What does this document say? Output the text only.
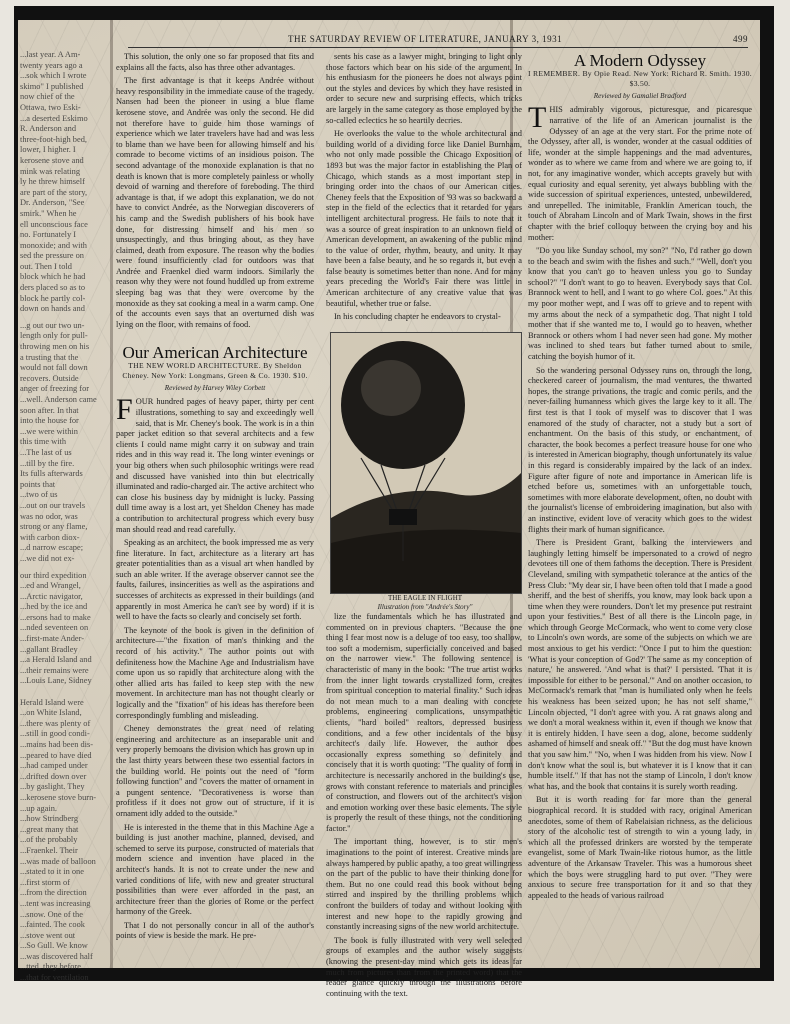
THE SATURDAY REVIEW OF LITERATURE, JANUARY 3, 1931	499
...last year. A Am-
twenty years ago a
...sok which I wrote
skimo" I published
now chief of the
Ottawa, two Eski-
...a deserted Eskimo
R. Anderson and
three-foot-high bed,
lower, I higher. I
kerosene stove and
mink was relating
ly he threw himself
are part of the story,
Dr. Anderson, "See
smirk." When he
ell unconscious face
no. Fortunately I
monoxide; and with
sed the pressure on
out. Then I told
block which he had
ders placed so as to
block he partly col-
down on hands and
...g out our two un-
length only for pull-
throwing men on his
a trusting that the
would not fall down
recovers. Outside
anger of freezing for
...well. Anderson came
soon after. In that
into the house for
...we were within
this time with
...The last of us
...till by the fire.
Its fulls afterwards
points that
...two of us
...out on our travels
was no odor, was
strong or any flame,
with carbon diox-
...d narrow escape;
...we did not ex-
our third expedition
...ed and Wrangel,
...Arctic navigator,
...hed by the ice and
...ersons had to make
...nded seventeen on
...first-mate Ander-
...gallant Bradley
...a Herald Island and
...their remains were
...Louis Lane, Sidney

Herald Island were
...on White Island,
...there was plenty of
...still in good condi-
...mains had been dis-
...peared to have died
...had camped under
...drifted down over
...by gaslight. They
...kerosene stove burn-
...up again.
...how Strindberg
...great many that
...of the probably
...Fraenkel. Their
...was made of balloon
...stated to it in one
...first storm of
...from the direction
...tent was increasing
...snow. One of the
...fainted. The cook
...stove went out
...So Gull. We know
...was discovered half
...tted, they before
...that for ventilation

This solution, the only one so far proposed that fits and explains all the facts, also has three other advantages.

The first advantage is that it keeps Andrée without heavy responsibility in the immediate cause of the tragedy. Nansen had been the pioneer in using a blue flame kerosene stove, and Andrée was only the second. He did not therefore have to guide him those warnings of experience which we later travelers have had and was less to blame than we have been for allowing himself and his comrade to become victims of an insidious poison. The second advantage of the monoxide explanation is that no death is known that is more completely painless or wholly devoid of warning and therefore of foreboding. The third advantage is that, if we adopt this explanation, we do not have to convict Andrée, as the Norwegian discoverers of his camp and the Swedish publishers of his book have done, for distressing himself and his men so unsuspectingly, and thus bringing about, as they have claimed, death from exposure. The reason why the bodies were found insufficiently clad for outdoors was that Andrée and Fraenkel died warm indoors. Similarly the reason why they were not found huddled up from extreme sleeping bag was that they were overcome by the monoxide as they sat cooking a meal in a warm camp. One of the accounts even says that an overturned dish was lying on the floor, with remains of food.

Our American Architecture
THE NEW WORLD ARCHITECTURE. By Sheldon Cheney. New York: Longmans, Green & Co. 1930. $10.
Reviewed by Harvey Wiley Corbett

FOUR hundred pages of heavy paper, thirty per cent illustrations, something to say and exceedingly well said, that is Mr. Cheney's book. The work is in a thin paper jacket edition so that several architects and a few clients I could name might carry it on subway and train rides and in this way read it. The long winter evenings or your big others when such philosophic writings were read and discussed have vanished into thin but electrically illuminated and radio-charged air. The active architect who can close his business day by midnight is lucky. Passing dull time away is a lost art, yet Sheldon Cheney has made a contribution to architectural progress which every busy man should read and read carefully.

Speaking as an architect, the book impressed me as very fine literature. In fact, architecture as a literary art has greater potentialities than as a visual art when handled by such an able writer. If the average observer cannot see the faults, failures, insincerities as well as the aspirations and successes of architects as expressed in their buildings (and apparently in most America he can't see by word) if it is well to have the facts so clearly and concisely set forth.

The keynote of the book is given in the definition of architecture—"the fixation of man's thinking and the record of his activity." The author points out with definiteness how the Machine Age and Industrialism have come upon us so rapidly that architecture along with the other allied arts has failed to keep step with the new movement. In architecture man has not thought clearly or logically and the "fixation" of his ideas has therefore been correspondingly fumbling and misleading.

Cheney demonstrates the great need of relating engineering and architecture as an inseparable unit and very properly bemoans the division which has grown up in the last thirty years between these two essential factors in the building world. He points out the need of "form following function" and "covers the matter of ornament in a pungent sentence. "Decorativeness is worse than profitless if it does not grow out of structure, if it is ornament idly added to the outside."

He is interested in the theme that in this Machine Age a building is just another machine, planned, devised, and schemed to serve its purpose, constructed of materials that modern science and invention have placed in the architect's hands. It is not to create under the new and varied conditions of life, with new and greater structural possibilities than were ever afforded in the past, an architecture freer than the glories of Rome or the perfect harmony of the Greek.

That I do not personally concur in all of the author's points of view is beside the mark. He pre-

sents his case as a lawyer might, bringing to light only those factors which bear on his side of the argument. In his enthusiasm for the pioneers he does not always point out the styles and devices by which they have resisted in order to secure new and surprising effects, which tricks are largely in the same category as those employed by the so-called eclectics he so heartily decries.

He overlooks the value to the whole architectural and building world of a dividing force like Daniel Burnham, who not only made possible the Chicago Exposition of 1893 but was the major factor in establishing the Plan of Chicago, which stands as a most important step in bringing order into the chaos of our American cities. Cheney feels that the Exposition of '93 was so backward a step in the field of the eclectics that it retarded for years intelligent architectural progress. He fails to note that it was a source of great inspiration to an unknown field of American development, an awakening of the public mind to the value of order, rhythm, beauty, and unity. It may have been a false beauty, and he so regards it, but even a false beauty is sometimes better than none. And for many years preceding the World's Fair there was little in American architecture of any creative value that was beautiful, whether true or false.

In his concluding chapter he endeavors to crystal-

THE EAGLE IN FLIGHT
Illustration from "Andrée's Story"

lize the fundamentals which he has illustrated and commented on in previous chapters. "Because the one thing I fear most now is a deluge of too easy, too shallow, too soft a modernism, superficially conceived and based on the narrower view." The following sentence is characteristic of many in the book: "The true artist works from the inner light towards crystallized form, creates from spiritual conception to material finality." Such ideas do not mean much to a man dealing with concrete problems, engineering complications, unsympathetic clients, "hard boiled" realtors, depressed business conditions, and a few other incidentals of the busy architect's daily life. However, the author does occasionally express something so definitely and concisely that it is worth quoting: "The quality of form in architecture is necessarily anchored in the building's use, grows with constant reference to materials and principles of construction, and flowers out of the architect's vision and emotion working over these basic elements. The style is properly the result of these things, not the conditioning factor."

The important thing, however, is to stir men's imaginations to the point of interest. Creative minds are always hampered by public apathy, a too great willingness on the part of the public to have their thinking done for them. But no one could read this book without being stirred and inspired by the thrilling problems which confront the builders of today and without looking with interest and new hope to the rapidly growing and constantly increasing signs of the new world architecture.

The book is fully illustrated with very well selected groups of examples and the author wisely suggests (knowing the present-day mind which gets its ideas far much from pictures than from the printed word) that the reader glance quickly through the illustrations before continuing with the text.

A Modern Odyssey
I REMEMBER. By Opie Read. New York: Richard R. Smith. 1930. $3.50.
Reviewed by Gamaliel Bradford

THIS admirably vigorous, picturesque, and picaresque narrative of the life of an American journalist is the Odyssey of an age at the very start. For the prime note of the Odyssey, after all, is wonder, wonder at the casual oddities of life, wonder at the simple happenings and the mad adventures, wonder as to where we came from and where we are going to, if not, for any imaginative wonder, which accepts gravely but with equal curiosity and equal serenity, yet always bubbling with the wide succession of spiritual experiences, untested, unbewildered, and unrepelled. The inimitable, Franklin American touch, the touch of Abraham Lincoln and of Mark Twain, shows in the first chapter with the brief colloquy between the crying boy and his mother:

"Do you like Sunday school, my son?" "No, I'd rather go down to the beach and swim with the fishes and such." "Well, don't you know that you can't go to heaven unless you go to Sunday school?" "I don't want to go to heaven. Everybody says that Col. Brannock went to hell, and I want to go where Col. goes." At this my poor mother wept, and I was off to grieve and to repent with my arms about the neck of a sympathetic dog. That night I told mother that if she wanted me to, I would go to heaven, whether Brannock or others whom I had never seen had gone. My mother was inclined to shed tears but father turned about to smile, catching the boyish humor of it.

So the wandering personal Odyssey runs on, through the long, checkered career of journalism, the mad ventures, the thwarted hopes, the strange privations, the tragic and comic perils, and the never-failing humanness which gives the large key to it all. The first test is that I took of myself was to discover that I was enamored of the study of character, not a study but a sort of enchantment. On the basis of this study, or enchantment, of character, the book becomes a perfect treasure house for one who is interested in American biography, though unfortunately its value in this regard is considerably impaired by the lack of an index. Figure after figure of note and importance in American life is etched before us, sometimes with an unforgettable touch, sometimes with more elaborate development, often, no doubt with the journalist's license of embroidering imagination, but also with an instinctive, evident love of veracity which goes to the widest flights their mark of human significance.

There is President Grant, balking the interviewers and laughingly letting himself be impersonated to a crowd of negro devotees till one of them fathoms the deception. There is President Cleveland, smiling with sympathetic tolerance at the antics of the Press Club: "My dear sir, I have been often told that I made a good sheriff, and the best of sheriffs, you know, may look back upon a time when they were rounders. Don't let my presence put restraint upon your festivities." Best of all there is the Lincoln page, in which through George McCormack, who went to come very close to Lincoln's own words, are some of the subjects on which we are most anxious to get his verdict: "Once I put to him the question: 'What is your conception of God?' The same as my conception of nature,' he answered. 'And what is that?' I persisted. 'That it is impossible for either to be personal.'" And on another occasion, to McCormack's remark that "man is humiliated only when he feels his weakness has been seized upon; he has not self shame," Lincoln objected, "I don't agree with you. A rat gnaws along and we don't a moral weakness within it, even if though we know that it is entirely hidden. I have seen a dog, alone, become suddenly ashamed of himself and sneak off." "But the dog must have known that you saw him." "No, when I was hidden from his view. Now I don't know what the soul is, but whatever it is I know that it can humble itself." If that has not the stamp of Lincoln, I don't know what has, and the book that contains it is surely worth reading.

But it is worth reading for far more than the general biographical record. It is studded with racy, original American anecdotes, some of them of Rabelaisian richness, as the delicious story of the alcoholic test of strength to win a young lady, in which all the professed drinkers are worsted by the temperate evangelist, some of Mark Twain-like riotous humor, as the little adventure of the Arkansaw Traveler. This was a humorous sheet which the boys were struggling hard to put over. "They were anxious to secure free transportation for it and so that they appealed to the heads of various railroad
